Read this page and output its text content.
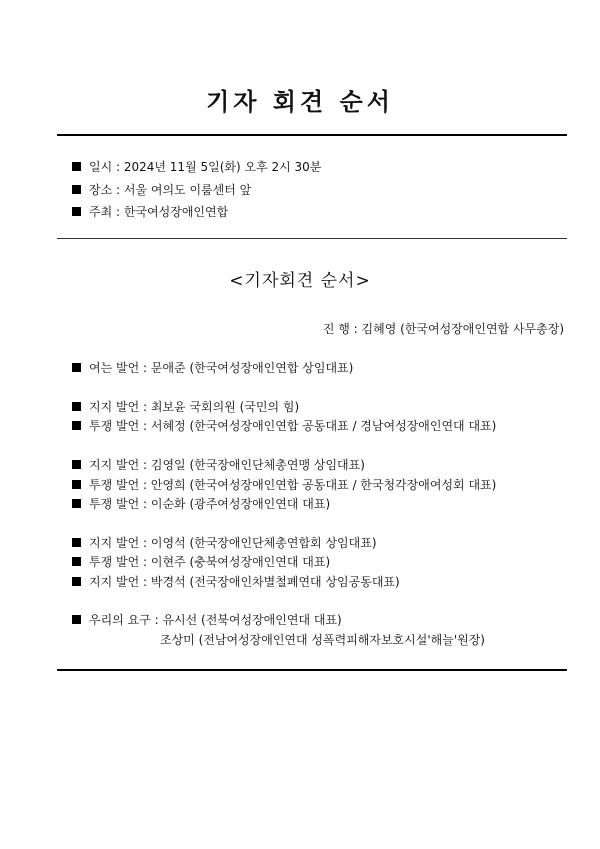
기자 회견 순서
일시 : 2024년 11월 5일(화) 오후 2시 30분
장소 : 서울 여의도 이룸센터 앞
주최 : 한국여성장애인연합
<기자회견 순서>
진 행 : 김혜영 (한국여성장애인연합 사무총장)
여는 발언 : 문애준 (한국여성장애인연합 상임대표)
지지 발언 : 최보윤 국회의원 (국민의 힘)
투쟁 발언 : 서혜정 (한국여성장애인연합 공동대표 / 경남여성장애인연대 대표)
지지 발언 : 김영일 (한국장애인단체총연맹 상임대표)
투쟁 발언 : 안영희 (한국여성장애인연합 공동대표 / 한국청각장애여성회 대표)
투쟁 발언 : 이순화 (광주여성장애인연대 대표)
지지 발언 : 이영석 (한국장애인단체총연합회 상임대표)
투쟁 발언 : 이현주 (충북여성장애인연대 대표)
지지 발언 : 박경석 (전국장애인차별철폐연대 상임공동대표)
우리의 요구 : 유시선 (전북여성장애인연대 대표)
조상미 (전남여성장애인연대 성폭력피해자보호시설'해늘'원장)
